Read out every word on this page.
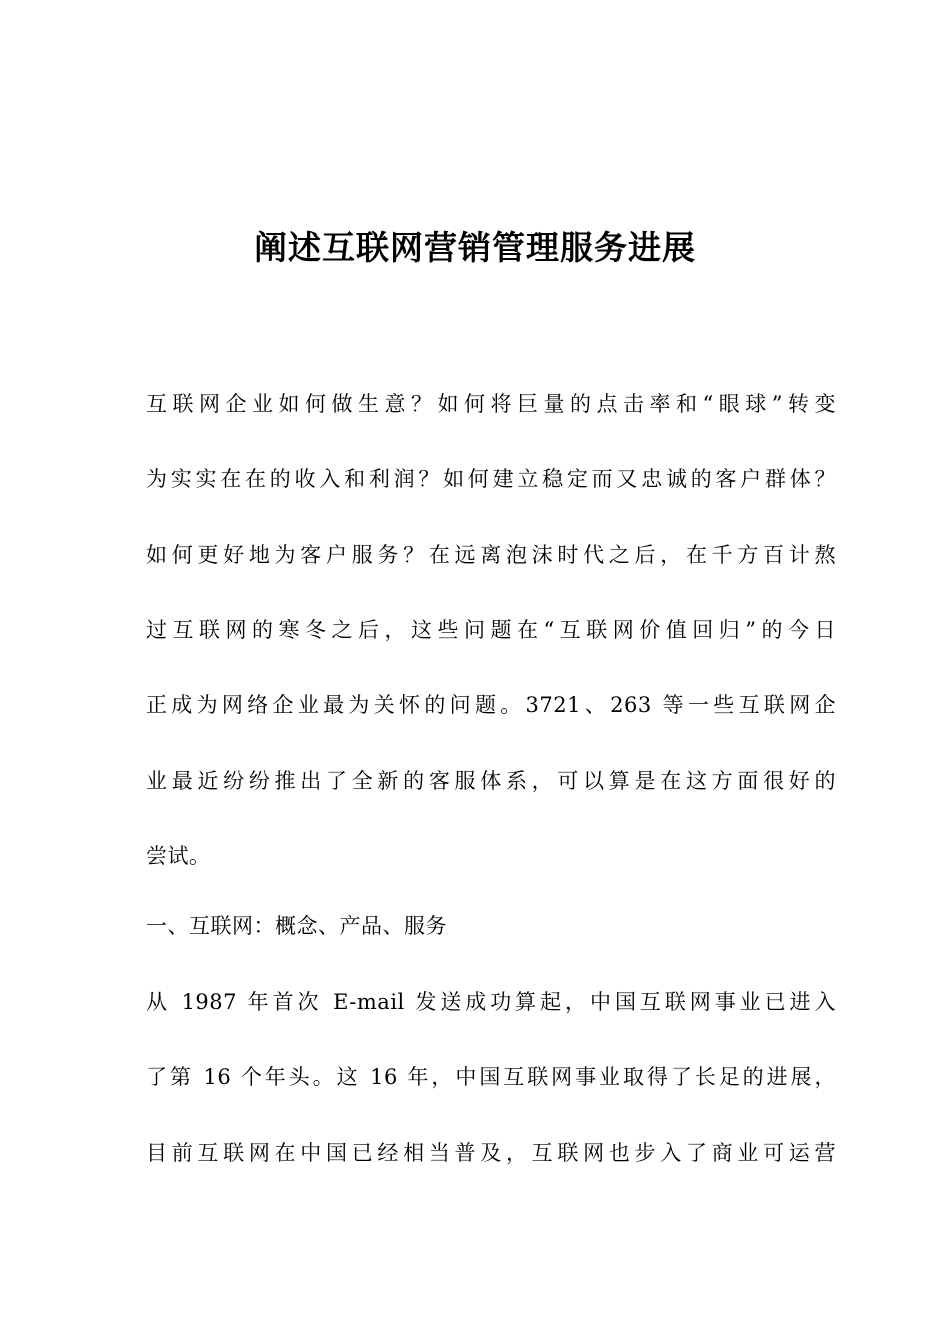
阐述互联网营销管理服务进展

互联网企业如何做生意？如何将巨量的点击率和“眼球”转变

为实实在在的收入和利润？如何建立稳定而又忠诚的客户群体？

如何更好地为客户服务？在远离泡沫时代之后，在千方百计熬

过互联网的寒冬之后，这些问题在“互联网价值回归”的今日

正成为网络企业最为关怀的问题。3721、263 等一些互联网企

业最近纷纷推出了全新的客服体系，可以算是在这方面很好的

尝试。

一、互联网：概念、产品、服务

从 1987 年首次 E-mail 发送成功算起，中国互联网事业已进入

了第 16 个年头。这 16 年，中国互联网事业取得了长足的进展，

目前互联网在中国已经相当普及，互联网也步入了商业可运营
